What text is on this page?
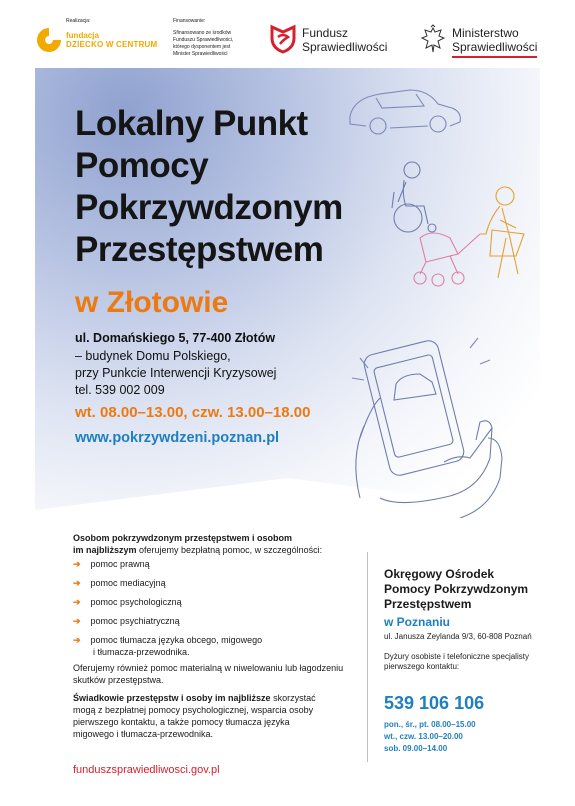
Realizacja:
fundacja
DZIECKO W CENTRUM
Finansowanie:
Sfinansowano ze środków
Funduszu Sprawiedliwości,
którego dysponentem jest
Minister Sprawiedliwości
Fundusz
Sprawiedliwości
Ministerstwo
Sprawiedliwości
Lokalny Punkt
Pomocy
Pokrzywdzonym
Przestępstwem
w Złotowie
ul. Domańskiego 5, 77-400 Złotów
– budynek Domu Polskiego,
przy Punkcie Interwencji Kryzysowej
tel. 539 002 009
wt. 08.00–13.00, czw. 13.00–18.00
www.pokrzywdzeni.poznan.pl
Osobom pokrzywdzonym przestępstwem i osobom
im najbliższym oferujemy bezpłatną pomoc, w szczególności:
➔ pomoc prawną
➔ pomoc mediacyjną
➔ pomoc psychologiczną
➔ pomoc psychiatryczną
➔ pomoc tłumacza języka obcego, migowego
i tłumacza-przewodnika.
Oferujemy również pomoc materialną w niwelowaniu lub łagodzeniu
skutków przestępstwa.
Świadkowie przestępstw i osoby im najbliższe skorzystać
mogą z bezpłatnej pomocy psychologicznej, wsparcia osoby
pierwszego kontaktu, a także pomocy tłumacza języka
migowego i tłumacza-przewodnika.
funduszsprawiedliwosci.gov.pl
Okręgowy Ośrodek
Pomocy Pokrzywdzonym
Przestępstwem
w Poznaniu
ul. Janusza Zeylanda 9/3, 60-808 Poznań
Dyżury osobiste i telefoniczne specjalisty
pierwszego kontaktu:
539 106 106
pon., śr., pt. 08.00–15.00
wt., czw. 13.00–20.00
sob. 09.00–14.00
